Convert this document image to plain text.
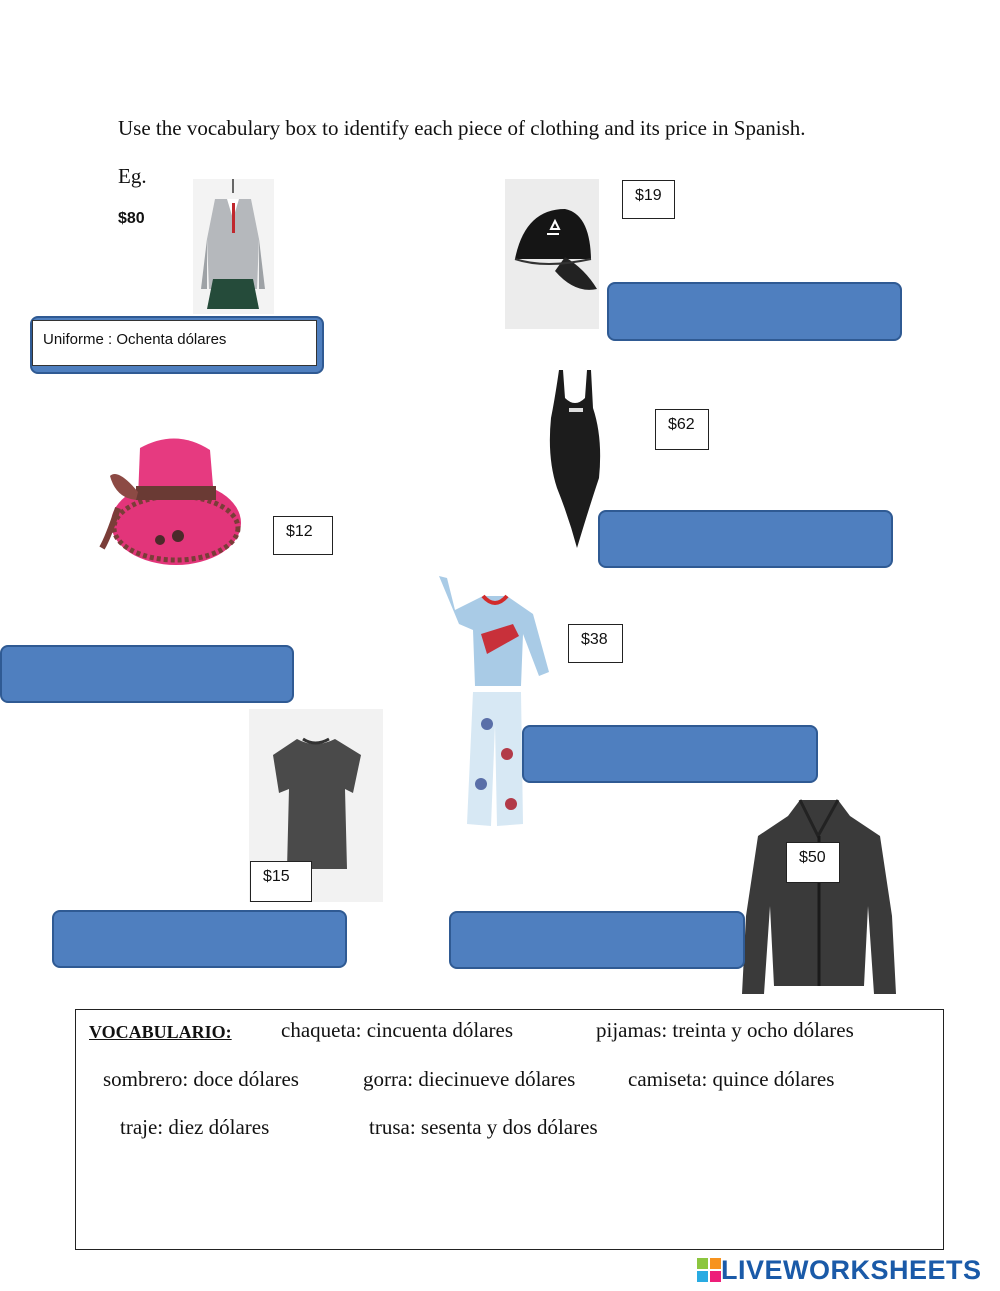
Use the vocabulary box to identify each piece of clothing and its price in Spanish.
Eg.
$80
Uniforme : Ochenta dólares
$19
$62
$12
$38
$15
$50
VOCABULARIO: chaqueta: cincuenta dólares	pijamas: treinta y ocho dólares
sombrero: doce dólares	gorra: diecinueve dólares	camiseta: quince dólares
traje: diez dólares	trusa: sesenta y dos dólares
LIVEWORKSHEETS
